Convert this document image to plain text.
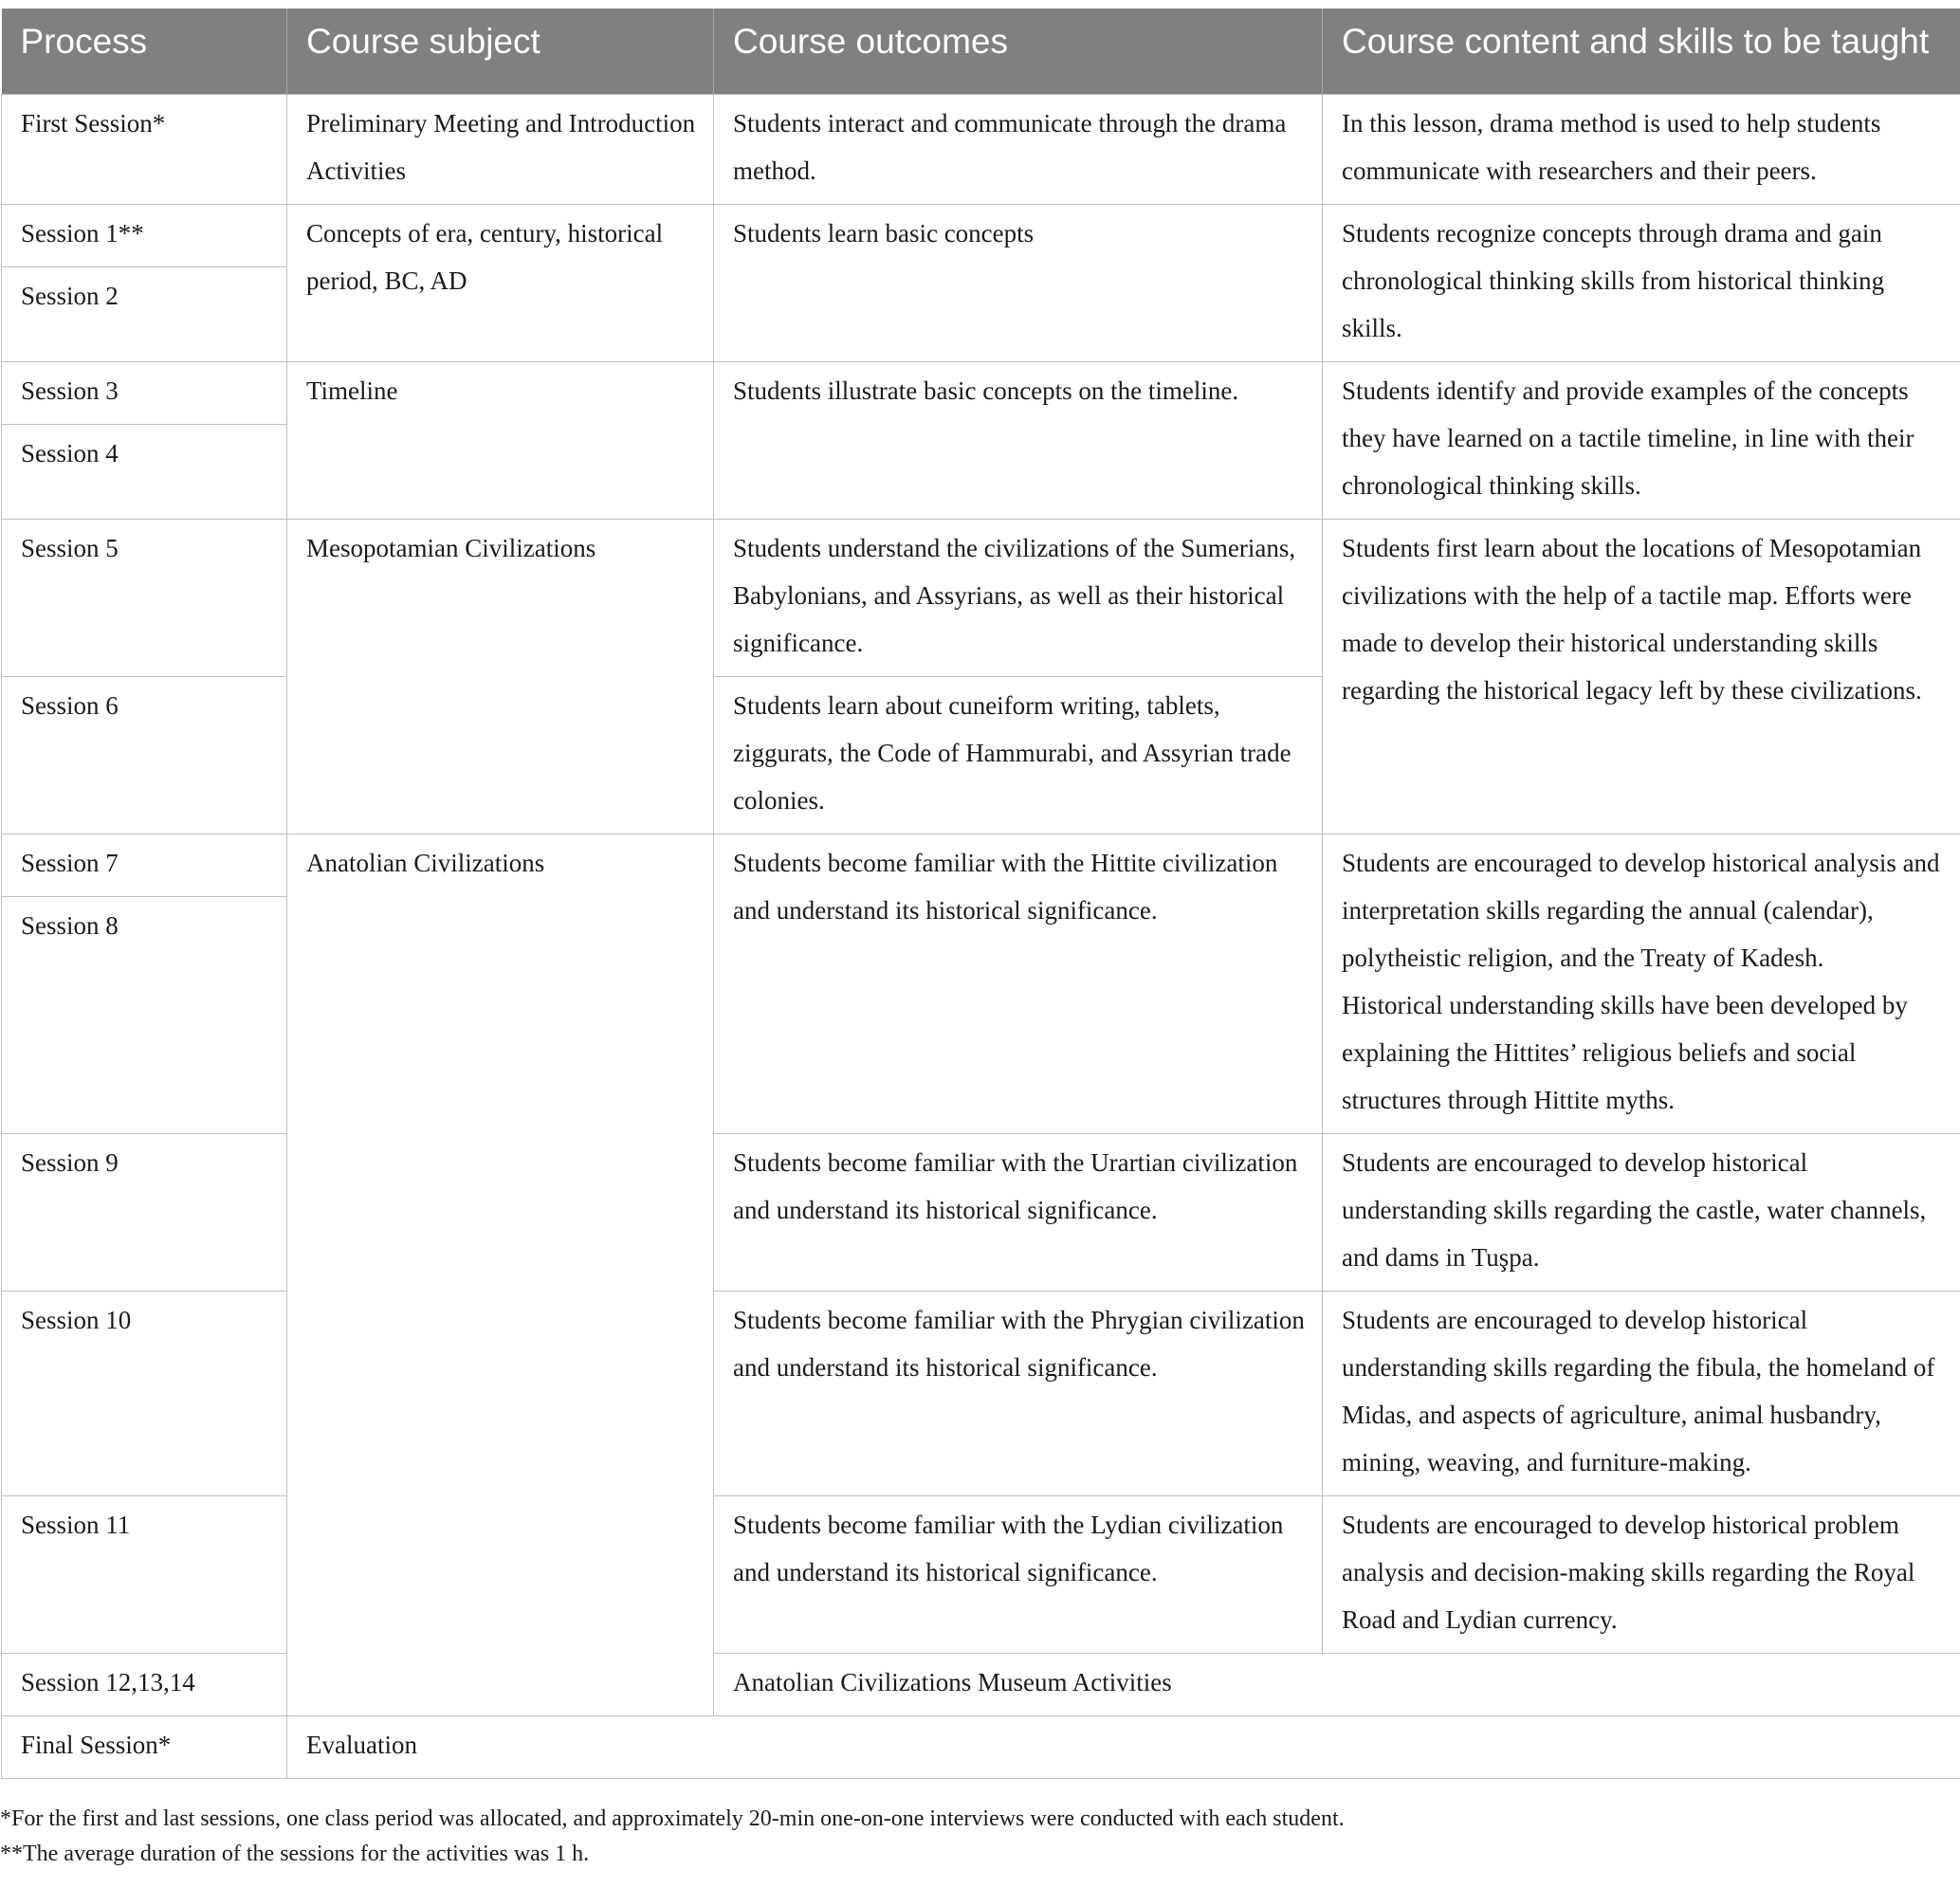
Process	Course subject	Course outcomes	Course content and skills to be taught
First Session*	Preliminary Meeting and Introduction Activities	Students interact and communicate through the drama method.	In this lesson, drama method is used to help students communicate with researchers and their peers.
Session 1**	Concepts of era, century, historical period, BC, AD	Students learn basic concepts	Students recognize concepts through drama and gain chronological thinking skills from historical thinking skills.
Session 2			
Session 3	Timeline	Students illustrate basic concepts on the timeline.	Students identify and provide examples of the concepts they have learned on a tactile timeline, in line with their chronological thinking skills.
Session 4			
Session 5	Mesopotamian Civilizations	Students understand the civilizations of the Sumerians, Babylonians, and Assyrians, as well as their historical significance.	Students first learn about the locations of Mesopotamian civilizations with the help of a tactile map. Efforts were made to develop their historical understanding skills regarding the historical legacy left by these civilizations.
Session 6		Students learn about cuneiform writing, tablets, ziggurats, the Code of Hammurabi, and Assyrian trade colonies.	
Session 7	Anatolian Civilizations	Students become familiar with the Hittite civilization and understand its historical significance.	Students are encouraged to develop historical analysis and interpretation skills regarding the annual (calendar), polytheistic religion, and the Treaty of Kadesh.
Historical understanding skills have been developed by explaining the Hittites’ religious beliefs and social structures through Hittite myths.
Session 8			
Session 9		Students become familiar with the Urartian civilization and understand its historical significance.	Students are encouraged to develop historical understanding skills regarding the castle, water channels, and dams in Tuşpa.
Session 10		Students become familiar with the Phrygian civilization and understand its historical significance.	Students are encouraged to develop historical understanding skills regarding the fibula, the homeland of Midas, and aspects of agriculture, animal husbandry, mining, weaving, and furniture-making.
Session 11		Students become familiar with the Lydian civilization and understand its historical significance.	Students are encouraged to develop historical problem analysis and decision-making skills regarding the Royal Road and Lydian currency.
Session 12,13,14		Anatolian Civilizations Museum Activities	
Final Session*	Evaluation		

*For the first and last sessions, one class period was allocated, and approximately 20-min one-on-one interviews were conducted with each student.

**The average duration of the sessions for the activities was 1 h.
